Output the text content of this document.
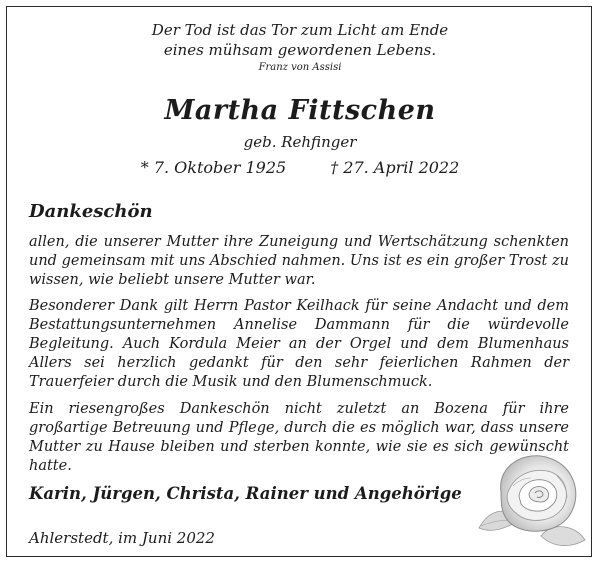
Der Tod ist das Tor zum Licht am Ende
eines mühsam gewordenen Lebens.
Franz von Assisi
Martha Fittschen
geb. Rehfinger
* 7. Oktober 1925	† 27. April 2022
Dankeschön
allen, die unserer Mutter ihre Zuneigung und Wertschätzung schenkten und gemeinsam mit uns Abschied nahmen. Uns ist es ein großer Trost zu wissen, wie beliebt unsere Mutter war.
Besonderer Dank gilt Herrn Pastor Keilhack für seine Andacht und dem Bestattungsunternehmen Annelise Dammann für die würdevolle Begleitung. Auch Kordula Meier an der Orgel und dem Blumenhaus Allers sei herzlich gedankt für den sehr feierlichen Rahmen der Trauerfeier durch die Musik und den Blumenschmuck.
Ein riesengroßes Dankeschön nicht zuletzt an Bozena für ihre großartige Betreuung und Pflege, durch die es möglich war, dass unsere Mutter zu Hause bleiben und sterben konnte, wie sie es sich gewünscht hatte.
Karin, Jürgen, Christa, Rainer und Angehörige
Ahlerstedt, im Juni 2022
